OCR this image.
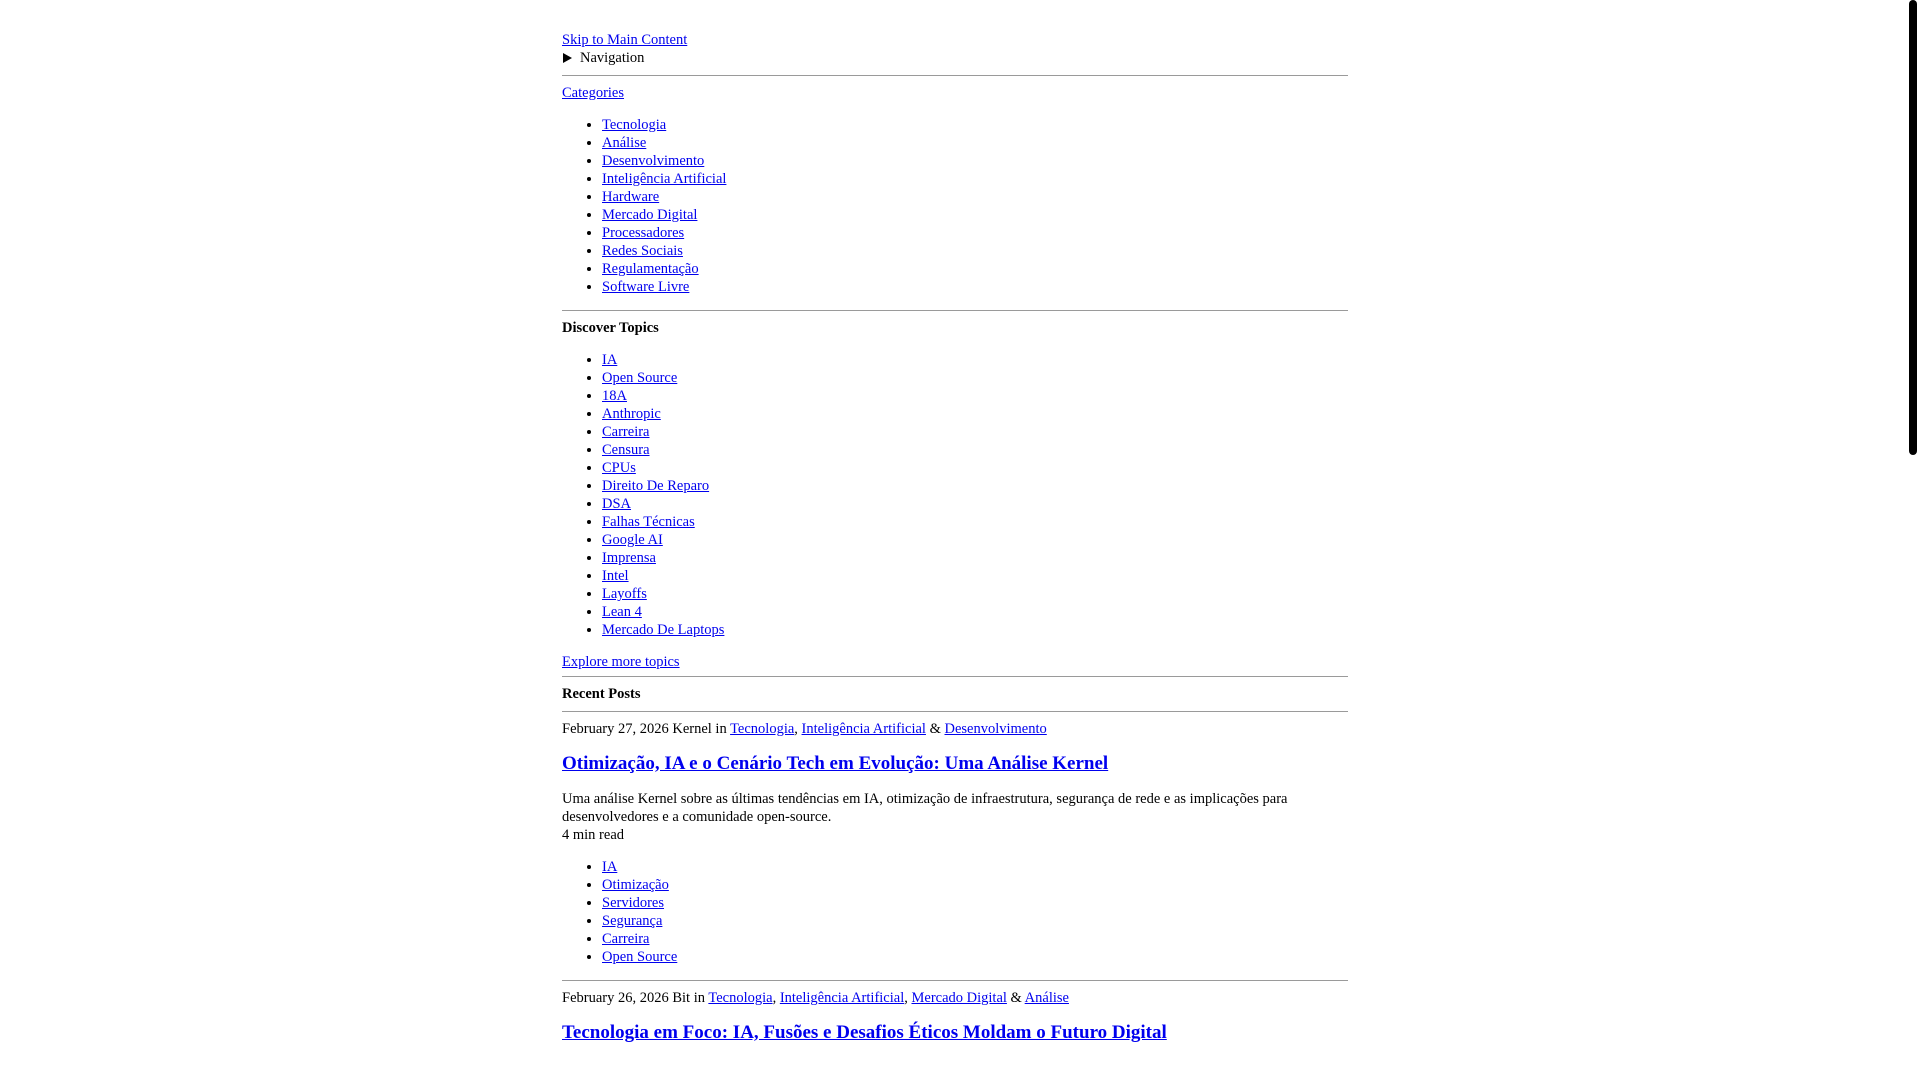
Skip to Main Content
Navigation
Categories
• Tecnologia
• Análise
• Desenvolvimento
• Inteligência Artificial
• Hardware
• Mercado Digital
• Processadores
• Redes Sociais
• Regulamentação
• Software Livre
Discover Topics
• IA
• Open Source
• 18A
• Anthropic
• Carreira
• Censura
• CPUs
• Direito De Reparo
• DSA
• Falhas Técnicas
• Google AI
• Imprensa
• Intel
• Layoffs
• Lean 4
• Mercado De Laptops
Explore more topics
Recent Posts
February 27, 2026 Kernel in Tecnologia, Inteligência Artificial & Desenvolvimento
Otimização, IA e o Cenário Tech em Evolução: Uma Análise Kernel
Uma análise Kernel sobre as últimas tendências em IA, otimização de infraestrutura, segurança de rede e as implicações para desenvolvedores e a comunidade open-source.
4 min read
• IA
• Otimização
• Servidores
• Segurança
• Carreira
• Open Source
February 26, 2026 Bit in Tecnologia, Inteligência Artificial, Mercado Digital & Análise
Tecnologia em Foco: IA, Fusões e Desafios Éticos Moldam o Futuro Digital
